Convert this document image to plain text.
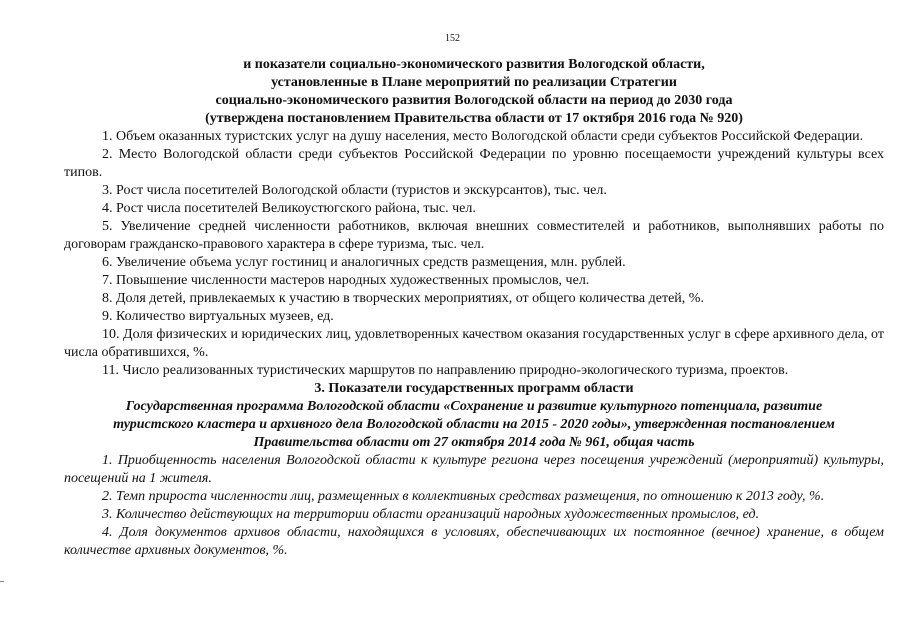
152
и показатели социально-экономического развития Вологодской области,
установленные в Плане мероприятий по реализации Стратегии
социально-экономического развития Вологодской области на период до 2030 года
(утверждена постановлением Правительства области от 17 октября 2016 года № 920)

1. Объем оказанных туристских услуг на душу населения, место Вологодской области среди субъектов Российской Федерации.

2. Место Вологодской области среди субъектов Российской Федерации по уровню посещаемости учреждений культуры всех типов.

3. Рост числа посетителей Вологодской области (туристов и экскурсантов), тыс. чел.

4. Рост числа посетителей Великоустюгского района, тыс. чел.

5. Увеличение средней численности работников, включая внешних совместителей и работников, выполнявших работы по договорам гражданско-правового характера в сфере туризма, тыс. чел.

6. Увеличение объема услуг гостиниц и аналогичных средств размещения, млн. рублей.

7. Повышение численности мастеров народных художественных промыслов, чел.

8. Доля детей, привлекаемых к участию в творческих мероприятиях, от общего количества детей, %.

9. Количество виртуальных музеев, ед.

10. Доля физических и юридических лиц, удовлетворенных качеством оказания государственных услуг в сфере архивного дела, от числа обратившихся, %.

11. Число реализованных туристических маршрутов по направлению природно-экологического туризма, проектов.

3. Показатели государственных программ области
Государственная программа Вологодской области «Сохранение и развитие культурного потенциала, развитие
туристского кластера и архивного дела Вологодской области на 2015 - 2020 годы», утвержденная постановлением
Правительства области от 27 октября 2014 года № 961, общая часть

1. Приобщенность населения Вологодской области к культуре региона через посещения учреждений (мероприятий) культуры, посещений на 1 жителя.

2. Темп прироста численности лиц, размещенных в коллективных средствах размещения, по отношению к 2013 году, %.

3. Количество действующих на территории области организаций народных художественных промыслов, ед.

4. Доля документов архивов области, находящихся в условиях, обеспечивающих их постоянное (вечное) хранение, в общем количестве архивных документов, %.
